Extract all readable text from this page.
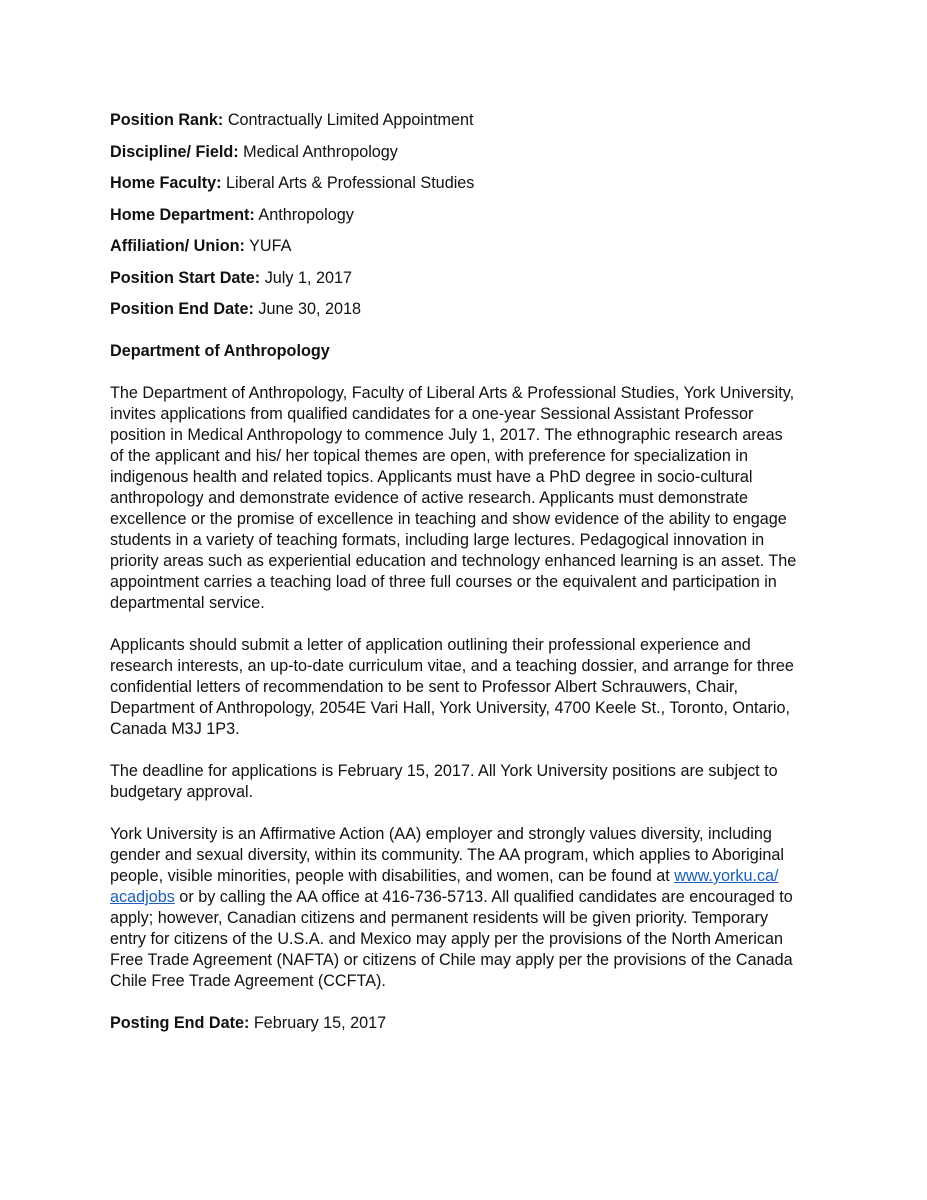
Position Rank: Contractually Limited Appointment
Discipline/ Field: Medical Anthropology
Home Faculty: Liberal Arts & Professional Studies
Home Department: Anthropology
Affiliation/ Union: YUFA
Position Start Date: July 1, 2017
Position End Date: June 30, 2018
Department of Anthropology
The Department of Anthropology, Faculty of Liberal Arts & Professional Studies, York University,
invites applications from qualified candidates for a one-year Sessional Assistant Professor
position in Medical Anthropology to commence July 1, 2017. The ethnographic research areas
of the applicant and his/ her topical themes are open, with preference for specialization in
indigenous health and related topics. Applicants must have a PhD degree in socio-cultural
anthropology and demonstrate evidence of active research. Applicants must demonstrate
excellence or the promise of excellence in teaching and show evidence of the ability to engage
students in a variety of teaching formats, including large lectures. Pedagogical innovation in
priority areas such as experiential education and technology enhanced learning is an asset. The
appointment carries a teaching load of three full courses or the equivalent and participation in
departmental service.
Applicants should submit a letter of application outlining their professional experience and
research interests, an up-to-date curriculum vitae, and a teaching dossier, and arrange for three
confidential letters of recommendation to be sent to Professor Albert Schrauwers, Chair,
Department of Anthropology, 2054E Vari Hall, York University, 4700 Keele St., Toronto, Ontario,
Canada M3J 1P3.
The deadline for applications is February 15, 2017. All York University positions are subject to
budgetary approval.
York University is an Affirmative Action (AA) employer and strongly values diversity, including
gender and sexual diversity, within its community. The AA program, which applies to Aboriginal
people, visible minorities, people with disabilities, and women, can be found at www.yorku.ca/
acadjobs or by calling the AA office at 416-736-5713. All qualified candidates are encouraged to
apply; however, Canadian citizens and permanent residents will be given priority. Temporary
entry for citizens of the U.S.A. and Mexico may apply per the provisions of the North American
Free Trade Agreement (NAFTA) or citizens of Chile may apply per the provisions of the Canada
Chile Free Trade Agreement (CCFTA).
Posting End Date: February 15, 2017
